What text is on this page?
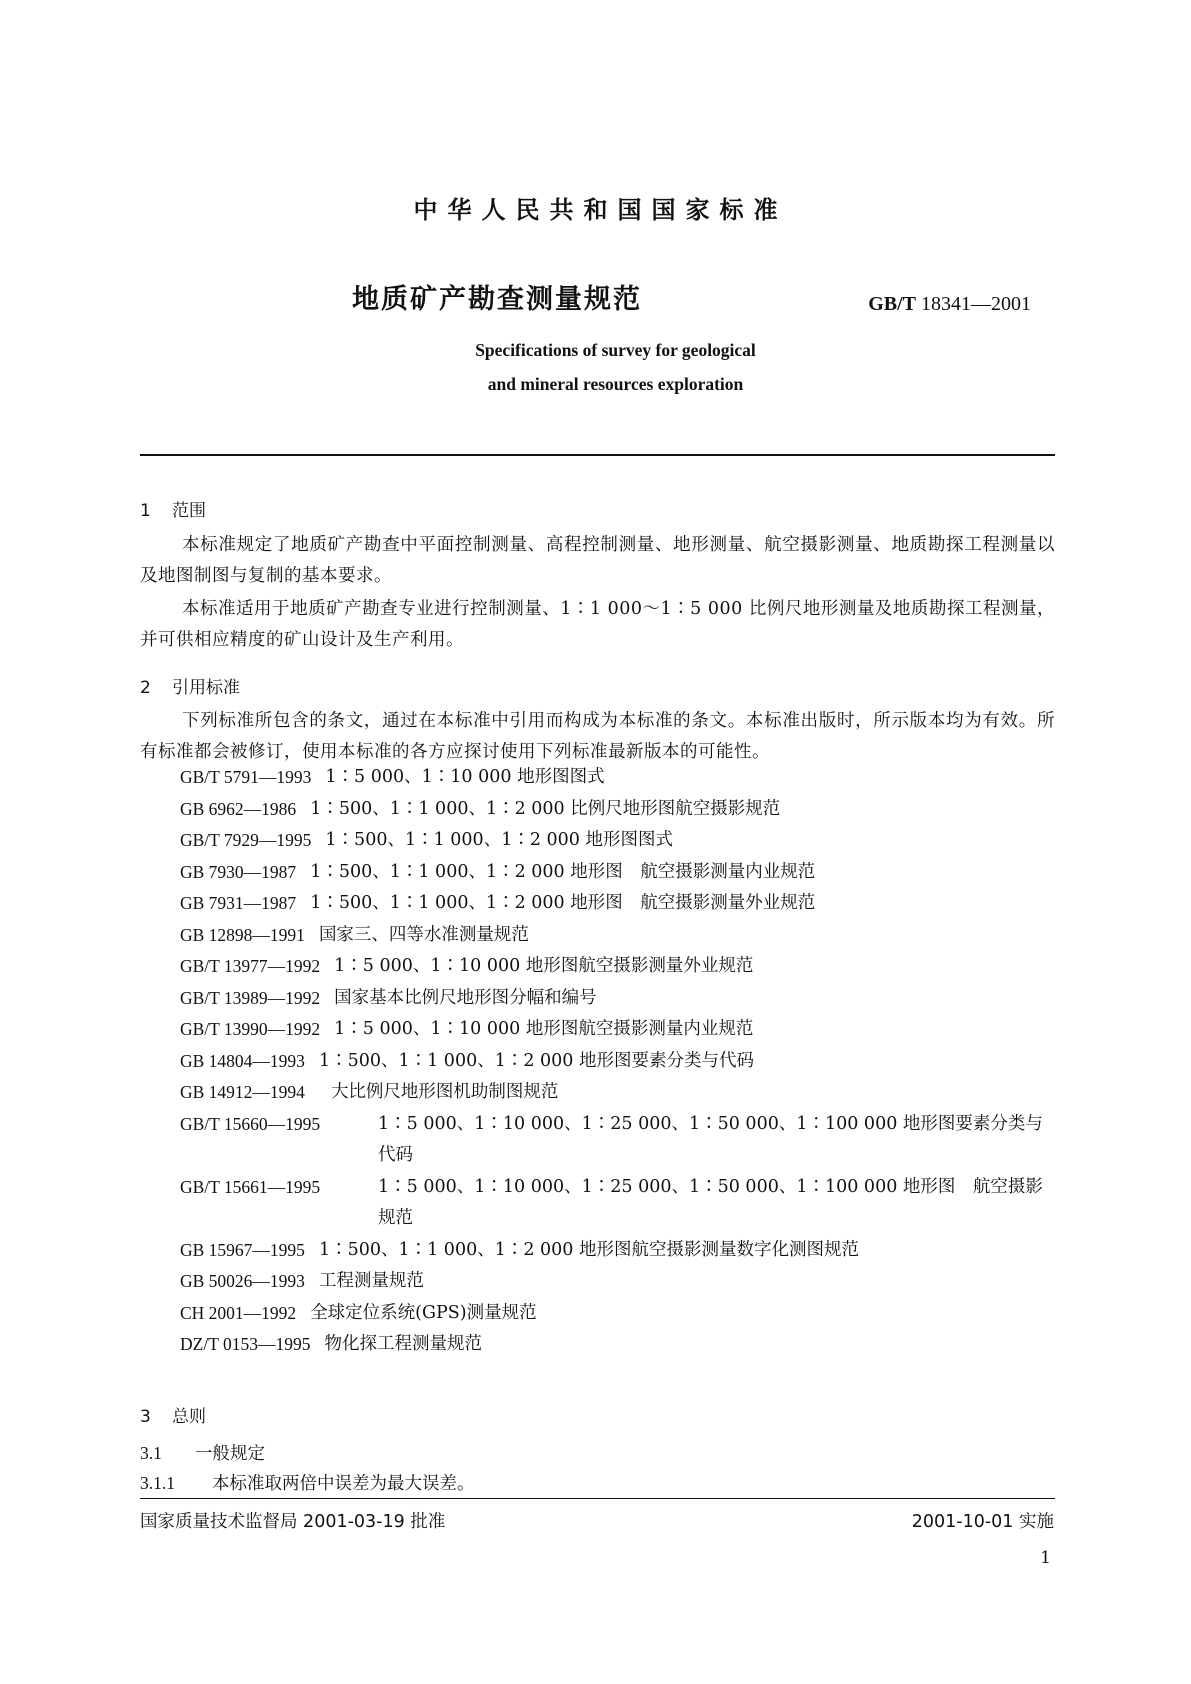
中华人民共和国国家标准
地质矿产勘查测量规范	GB/T 18341—2001
Specifications of survey for geological
and mineral resources exploration
1 范围
本标准规定了地质矿产勘查中平面控制测量、高程控制测量、地形测量、航空摄影测量、地质勘探工程测量以及地图制图与复制的基本要求。
本标准适用于地质矿产勘查专业进行控制测量、1∶1 000～1∶5 000 比例尺地形测量及地质勘探工程测量，并可供相应精度的矿山设计及生产利用。
2 引用标准
下列标准所包含的条文，通过在本标准中引用而构成为本标准的条文。本标准出版时，所示版本均为有效。所有标准都会被修订，使用本标准的各方应探讨使用下列标准最新版本的可能性。
GB/T 5791—1993 1∶5 000、1∶10 000 地形图图式
GB 6962—1986 1∶500、1∶1 000、1∶2 000 比例尺地形图航空摄影规范
GB/T 7929—1995 1∶500、1∶1 000、1∶2 000 地形图图式
GB 7930—1987 1∶500、1∶1 000、1∶2 000 地形图　航空摄影测量内业规范
GB 7931—1987 1∶500、1∶1 000、1∶2 000 地形图　航空摄影测量外业规范
GB 12898—1991 国家三、四等水准测量规范
GB/T 13977—1992 1∶5 000、1∶10 000 地形图航空摄影测量外业规范
GB/T 13989—1992 国家基本比例尺地形图分幅和编号
GB/T 13990—1992 1∶5 000、1∶10 000 地形图航空摄影测量内业规范
GB 14804—1993 1∶500、1∶1 000、1∶2 000 地形图要素分类与代码
GB 14912—1994	大比例尺地形图机助制图规范
GB/T 15660—1995	1∶5 000、1∶10 000、1∶25 000、1∶50 000、1∶100 000 地形图要素分类与代码
GB/T 15661—1995	1∶5 000、1∶10 000、1∶25 000、1∶50 000、1∶100 000 地形图　航空摄影规范
GB 15967—1995 1∶500、1∶1 000、1∶2 000 地形图航空摄影测量数字化测图规范
GB 50026—1993 工程测量规范
CH 2001—1992 全球定位系统(GPS)测量规范
DZ/T 0153—1995 物化探工程测量规范
3 总则
3.1 一般规定
3.1.1 本标准取两倍中误差为最大误差。
国家质量技术监督局 2001-03-19 批准	2001-10-01 实施
1
